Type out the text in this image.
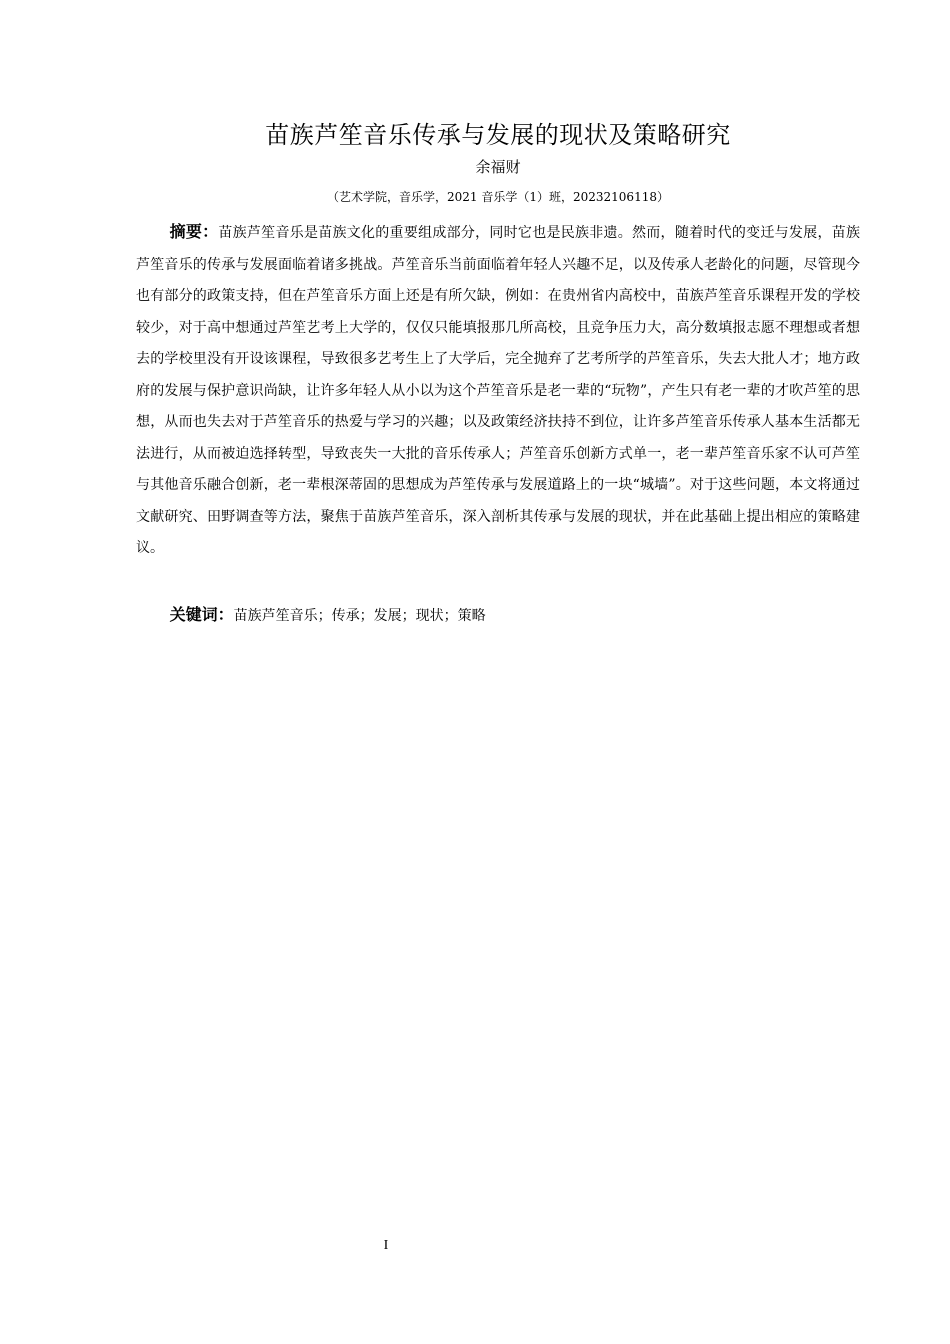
苗族芦笙音乐传承与发展的现状及策略研究
余福财
（艺术学院，音乐学，2021 音乐学（1）班，20232106118）

摘要：苗族芦笙音乐是苗族文化的重要组成部分，同时它也是民族非遗。然而，随着时代的变迁与发展，苗族芦笙音乐的传承与发展面临着诸多挑战。芦笙音乐当前面临着年轻人兴趣不足，以及传承人老龄化的问题，尽管现今也有部分的政策支持，但在芦笙音乐方面上还是有所欠缺，例如：在贵州省内高校中，苗族芦笙音乐课程开发的学校较少，对于高中想通过芦笙艺考上大学的，仅仅只能填报那几所高校，且竞争压力大，高分数填报志愿不理想或者想去的学校里没有开设该课程，导致很多艺考生上了大学后，完全抛弃了艺考所学的芦笙音乐，失去大批人才；地方政府的发展与保护意识尚缺，让许多年轻人从小以为这个芦笙音乐是老一辈的“玩物”，产生只有老一辈的才吹芦笙的思想，从而也失去对于芦笙音乐的热爱与学习的兴趣；以及政策经济扶持不到位，让许多芦笙音乐传承人基本生活都无法进行，从而被迫选择转型，导致丧失一大批的音乐传承人；芦笙音乐创新方式单一，老一辈芦笙音乐家不认可芦笙与其他音乐融合创新，老一辈根深蒂固的思想成为芦笙传承与发展道路上的一块“城墙”。对于这些问题，本文将通过文献研究、田野调查等方法，聚焦于苗族芦笙音乐，深入剖析其传承与发展的现状，并在此基础上提出相应的策略建议。

关键词：苗族芦笙音乐；传承；发展；现状；策略

I
